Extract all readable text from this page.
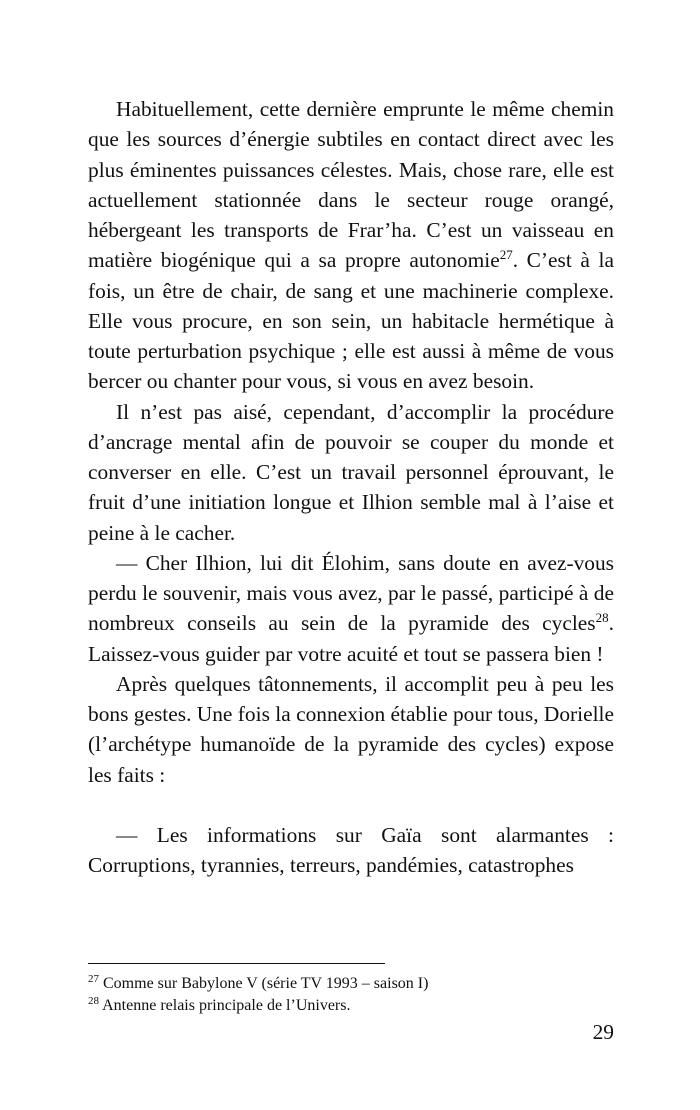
Habituellement, cette dernière emprunte le même chemin que les sources d’énergie subtiles en contact direct avec les plus éminentes puissances célestes. Mais, chose rare, elle est actuellement stationnée dans le secteur rouge orangé, hébergeant les transports de Frar’ha. C’est un vaisseau en matière biogénique qui a sa propre autonomie$^{27}$. C’est à la fois, un être de chair, de sang et une machinerie complexe. Elle vous procure, en son sein, un habitacle hermétique à toute perturbation psychique ; elle est aussi à même de vous bercer ou chanter pour vous, si vous en avez besoin.

Il n’est pas aisé, cependant, d’accomplir la procédure d’ancrage mental afin de pouvoir se couper du monde et converser en elle. C’est un travail personnel éprouvant, le fruit d’une initiation longue et Ilhion semble mal à l’aise et peine à le cacher.

— Cher Ilhion, lui dit Élohim, sans doute en avez-vous perdu le souvenir, mais vous avez, par le passé, participé à de nombreux conseils au sein de la pyramide des cycles$^{28}$. Laissez-vous guider par votre acuité et tout se passera bien !

Après quelques tâtonnements, il accomplit peu à peu les bons gestes. Une fois la connexion établie pour tous, Dorielle (l’archétype humanoïde de la pyramide des cycles) expose les faits :

— Les informations sur Gaïa sont alarmantes : Corruptions, tyrannies, terreurs, pandémies, catastrophes

$^{27}$ Comme sur Babylone V (série TV 1993 – saison I)

$^{28}$ Antenne relais principale de l’Univers.

29
